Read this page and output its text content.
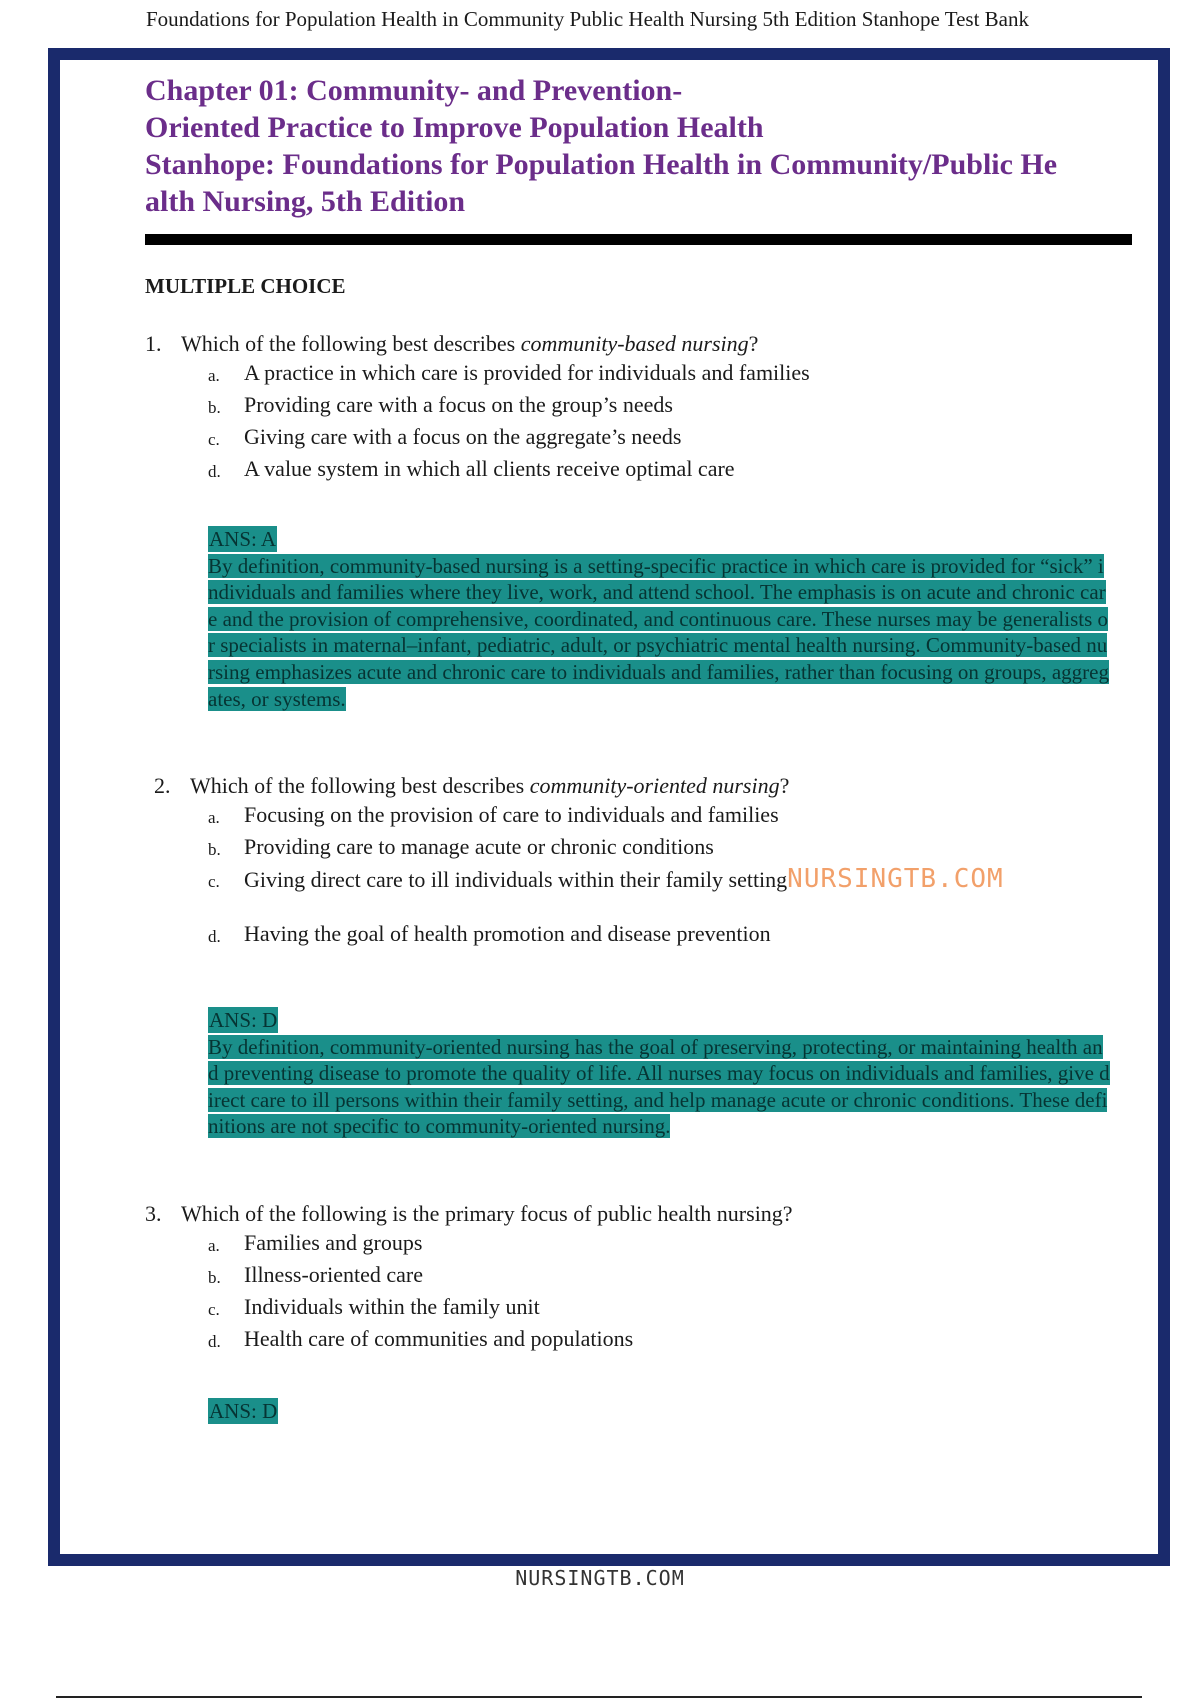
Foundations for Population Health in Community Public Health Nursing 5th Edition Stanhope Test Bank
Chapter 01: Community- and Prevention-
Oriented Practice to Improve Population Health
Stanhope: Foundations for Population Health in Community/Public He
alth Nursing, 5th Edition
MULTIPLE CHOICE
1. Which of the following best describes community-based nursing?
a.	A practice in which care is provided for individuals and families
b.	Providing care with a focus on the group’s needs
c.	Giving care with a focus on the aggregate’s needs
d.	A value system in which all clients receive optimal care
ANS: A
By definition, community-based nursing is a setting-specific practice in which care is provided for “sick” individuals and families where they live, work, and attend school. The emphasis is on acute and chronic care and the provision of comprehensive, coordinated, and continuous care. These nurses may be generalists or specialists in maternal–infant, pediatric, adult, or psychiatric mental health nursing. Community-based nursing emphasizes acute and chronic care to individuals and families, rather than focusing on groups, aggregates, or systems.
2. Which of the following best describes community-oriented nursing?
a.	Focusing on the provision of care to individuals and families
b.	Providing care to manage acute or chronic conditions
c.	Giving direct care to ill individuals within their family setting NURSINGTB.COM
d.	Having the goal of health promotion and disease prevention
ANS: D
By definition, community-oriented nursing has the goal of preserving, protecting, or maintaining health and preventing disease to promote the quality of life. All nurses may focus on individuals and families, give direct care to ill persons within their family setting, and help manage acute or chronic conditions. These definitions are not specific to community-oriented nursing.
3. Which of the following is the primary focus of public health nursing?
a.	Families and groups
b.	Illness-oriented care
c.	Individuals within the family unit
d.	Health care of communities and populations
ANS: D
NURSINGTB.COM
